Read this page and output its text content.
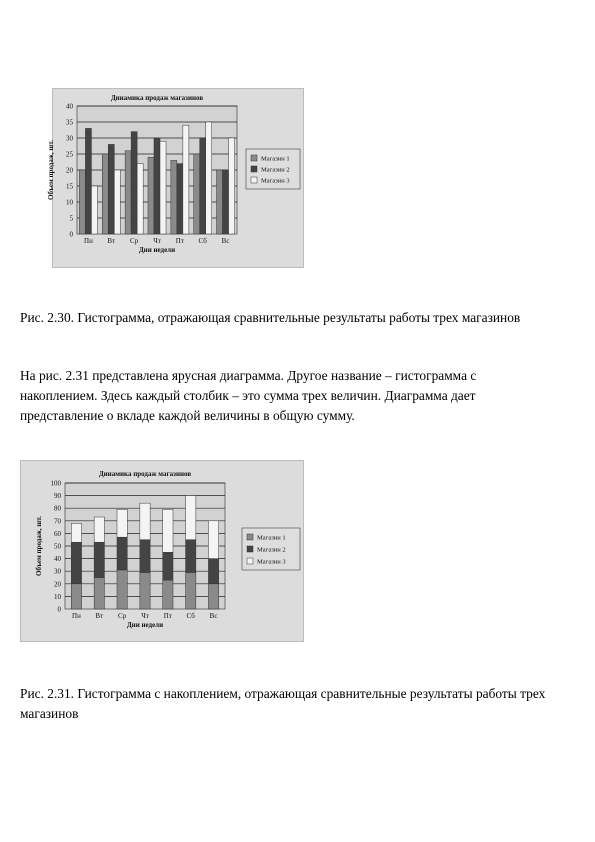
Динамика продаж магазинов
0
5
10
15
20
25
30
35
40
Объем продаж, шт.
Пн Вт Ср Чт Пт Сб Вс
Дни недели
Магазин 1
Магазин 2
Магазин 3
Рис. 2.30. Гистограмма, отражающая сравнительные результаты работы трех магазинов
На рис. 2.31 представлена ярусная диаграмма. Другое название – гистограмма с
накоплением. Здесь каждый столбик – это сумма трех величин. Диаграмма дает
представление о вкладе каждой величины в общую сумму.
Динамика продаж магазинов
0
10
20
30
40
50
60
70
80
90
100
Объем продаж, шт.
Пн Вт Ср Чт Пт Сб Вс
Дни недели
Магазин 1
Магазин 2
Магазин 3
Рис. 2.31. Гистограмма с накоплением, отражающая сравнительные результаты работы трех
магазинов
